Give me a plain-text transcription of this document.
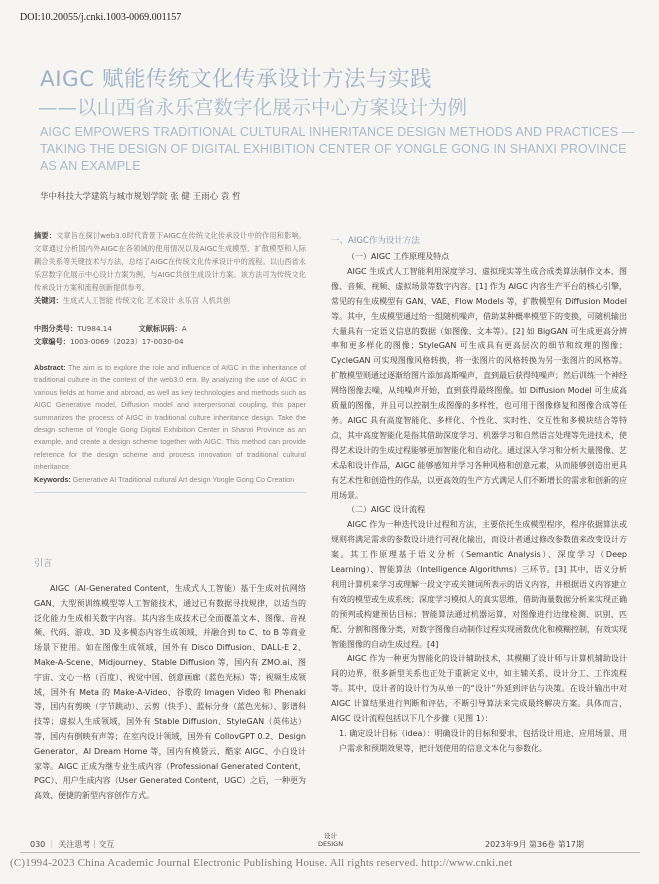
DOI:10.20055/j.cnki.1003-0069.001157
AIGC 赋能传统文化传承设计方法与实践
——以山西省永乐宫数字化展示中心方案设计为例
AIGC EMPOWERS TRADITIONAL CULTURAL INHERITANCE DESIGN METHODS AND PRACTICES —TAKING THE DESIGN OF DIGITAL EXHIBITION CENTER OF YONGLE GONG IN SHANXI PROVINCE AS AN EXAMPLE
华中科技大学建筑与城市规划学院 张 健 王雨心 袁 哲

摘要：文章旨在探讨web3.0时代背景下AIGC在传统文化传承设计中的作用和影响。文章通过分析国内外AIGC在各领域的使用情况以及AIGC生成模型、扩散模型和人际耦合关系等关键技术与方法，总结了AIGC在传统文化传承设计中的流程。以山西省永乐宫数字化展示中心设计方案为例，与AIGC共创生成设计方案。该方法可为传统文化传承设计方案和流程创新提供参考。

关键词：生成式人工智能 传统文化 艺术设计 永乐宫 人机共创

中图分类号：TU984.14	文献标识码：A
文章编号：1003-0069（2023）17-0030-04

Abstract: The aim is to explore the role and influence of AIGC in the inheritance of traditional culture in the context of the web3.0 era. By analyzing the use of AIGC in various fields at home and abroad, as well as key technologies and methods such as AIGC Generative model, Diffusion model and interpersonal coupling, this paper summarizes the process of AIGC in traditional culture inheritance design. Take the design scheme of Yongle Gong Digital Exhibition Center in Shanxi Province as an example, and create a design scheme together with AIGC. This method can provide reference for the design scheme and process innovation of traditional cultural inheritance.

Keywords: Generative AI Traditional cultural Art design Yongle Gong Co Creation

引言

AIGC（AI-Generated Content，生成式人工智能）基于生成对抗网络 GAN、大型预训练模型等人工智能技术，通过已有数据寻找规律，以适当的泛化能力生成相关数字内容。其内容生成技术已全面覆盖文本、图像、音视频、代码、游戏、3D 及多模态内容生成领域，并融合到 to C、to B 等商业场景下使用。如在图像生成领域，国外有 Disco Diffusion、DALL-E 2、Make-A-Scene、Midjourney、Stable Diffusion 等，国内有 ZMO.ai、图宇宙、文心一格（百度）、视觉中国、创意画廊（蓝色光标）等；视频生成领域，国外有 Meta 的 Make-A-Video、谷歌的 Imagen Video 和 Phenaki 等，国内有剪映（字节跳动）、云剪（快手）、蓝标分身（蓝色光标）、影谱科技等；虚拟人生成领域，国外有 Stable Diffusion、StyleGAN（英伟达）等，国内有倒映有声等；在室内设计领域，国外有 CollovGPT 0.2、Design Generator、AI Dream Home 等，国内有模袋云、酷家 AIGC、小白设计家等。AIGC 正成为继专业生成内容（Professional Generated Content，PGC）、用户生成内容（User Generated Content，UGC）之后，一种更为高效、便捷的新型内容创作方式。

一、AIGC作为设计方法

（一）AIGC 工作原理及特点

AIGC 生成式人工智能利用深度学习、虚拟现实等生成合成类算法制作文本、图像、音频、视频、虚拟场景等数字内容。[1] 作为 AIGC 内容生产平台的核心引擎，常见的有生成模型有 GAN、VAE、Flow Models 等，扩散模型有 Diffusion Model 等。其中，生成模型通过给一组随机噪声，借助某种概率模型下的变换，可随机输出大量具有一定语义信息的数据（如图像、文本等）。[2] 如 BigGAN 可生成更高分辨率和更多样化的图像；StyleGAN 可生成具有更高层次的细节和纹理的图像；CycleGAN 可实现图像风格转换，将一张图片的风格转换为另一张图片的风格等。扩散模型则通过逐渐给图片添加高斯噪声，直到最后获得纯噪声；然后训练一个神经网络图像去噪，从纯噪声开始，直到获得最终图像。如 Diffusion Model 可生成高质量的图像，并且可以控制生成图像的多样性，也可用于图像修复和图像合成等任务。AIGC 具有高度智能化、多样化、个性化、实时性、交互性和多模块结合等特点，其中高度智能化是指其借助深度学习、机器学习和自然语言处理等先进技术，使得艺术设计的生成过程能够更加智能化和自动化。通过深入学习和分析大量图像、艺术品和设计作品，AIGC 能够感知并学习各种风格和创意元素，从而能够创造出更具有艺术性和创造性的作品，以更高效的生产方式满足人们不断增长的需求和创新的应用场景。

（二）AIGC 设计流程

AIGC 作为一种迭代设计过程和方法，主要依托生成模型程序，程序依据算法或规则将满足需求的参数设计进行可视化输出，而设计者通过修改参数值来改变设计方案。其工作原理基于语义分析（Semantic Analysis）、深度学习（Deep Learning）、智能算法（Intelligence Algorithms）三环节。[3] 其中，语义分析利用计算机来学习或理解一段文字或关键词所表示的语义内容，并根据语义内容建立有效的模型或生成系统；深度学习模拟人的真实思维，借助海量数据分析来实现正确的预判或构建预估目标；智能算法通过机器运算，对图像进行边缘检测、识别、匹配、分割和图像分类，对数字图像自动制作过程实现函数优化和模糊控制，有效实现智能图像的自动生成过程。[4]

AIGC 作为一种更为智能化的设计辅助技术，其模糊了设计师与计算机辅助设计间的边界，很多新型关系也正处于重新定义中，如主辅关系、设计分工、工作流程等。其中，设计者的设计行为从单一的“设计”外延到评估与决策。在设计输出中对 AIGC 计算结果进行判断和评估，不断引导算法来完成最终解决方案。具体而言，AIGC 设计流程包括以下几个步骤（见图 1）：

1. 确定设计目标（idea）：明确设计的目标和要求，包括设计用途、应用场景、用户需求和预期效果等，把计划使用的信息文本化与参数化。

030 ｜ 关注思考｜交互
设计
DESIGN	2023年9月 第36卷 第17期
(C)1994-2023 China Academic Journal Electronic Publishing House. All rights reserved. http://www.cnki.net
